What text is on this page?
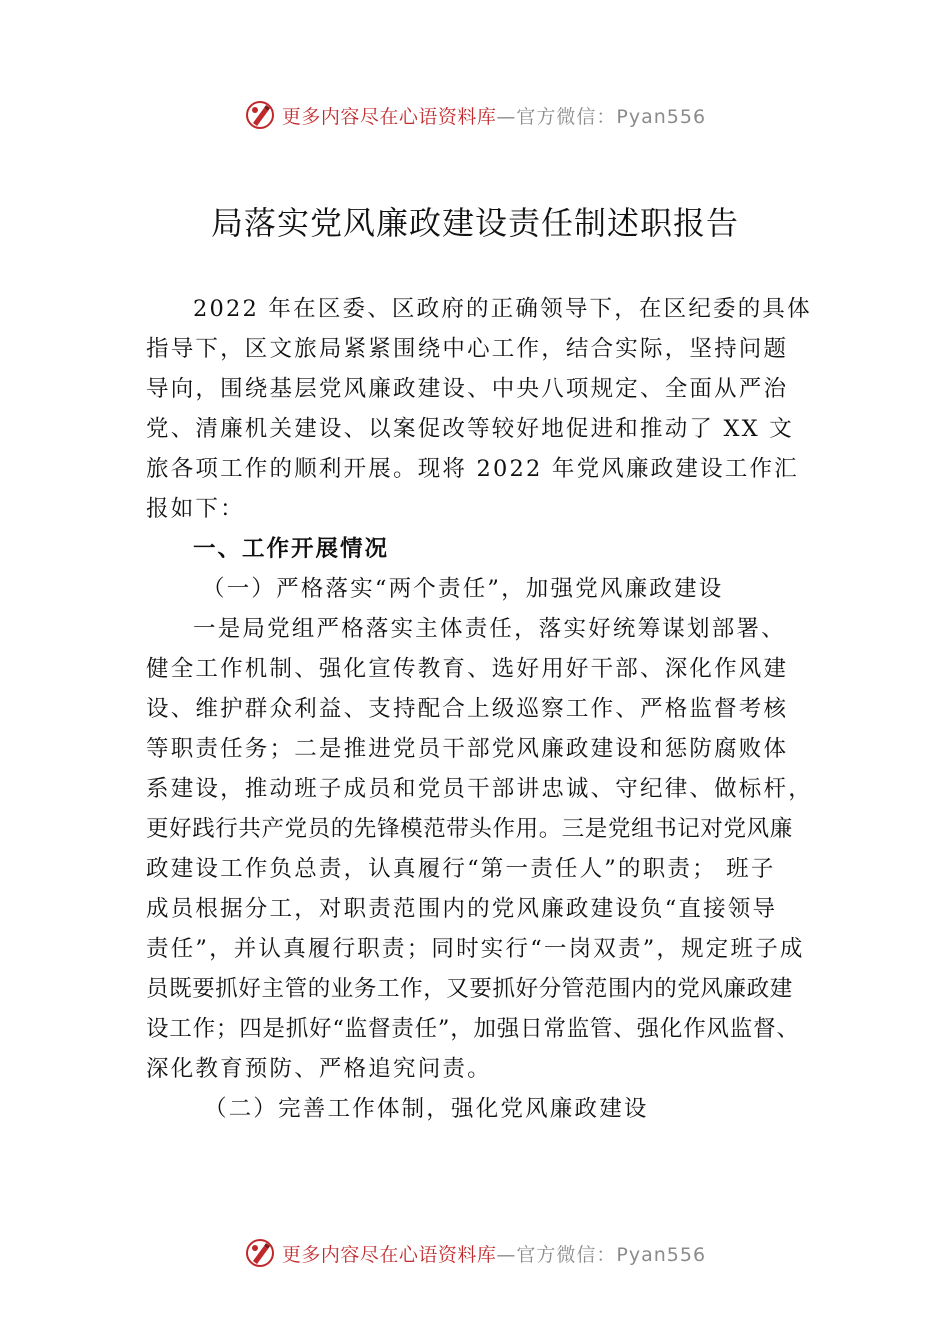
更多内容尽在心语资料库 —官方微信：Pyan556
局落实党风廉政建设责任制述职报告
2022 年在区委、区政府的正确领导下，在区纪委的具体
指导下，区文旅局紧紧围绕中心工作，结合实际，坚持问题
导向，围绕基层党风廉政建设、中央八项规定、全面从严治
党、清廉机关建设、以案促改等较好地促进和推动了 XX 文
旅各项工作的顺利开展。现将 2022 年党风廉政建设工作汇
报如下：
一、工作开展情况
（一）严格落实“两个责任”，加强党风廉政建设
一是局党组严格落实主体责任，落实好统筹谋划部署、
健全工作机制、强化宣传教育、选好用好干部、深化作风建
设、维护群众利益、支持配合上级巡察工作、严格监督考核
等职责任务；二是推进党员干部党风廉政建设和惩防腐败体
系建设，推动班子成员和党员干部讲忠诚、守纪律、做标杆，
更好践行共产党员的先锋模范带头作用。三是党组书记对党风廉
政建设工作负总责，认真履行“第一责任人”的职责； 班子
成员根据分工，对职责范围内的党风廉政建设负“直接领导
责任”，并认真履行职责；同时实行“一岗双责”，规定班子成
员既要抓好主管的业务工作，又要抓好分管范围内的党风廉政建
设工作；四是抓好“监督责任”，加强日常监管、强化作风监督、
深化教育预防、严格追究问责。
（二）完善工作体制，强化党风廉政建设
更多内容尽在心语资料库 —官方微信：Pyan556
